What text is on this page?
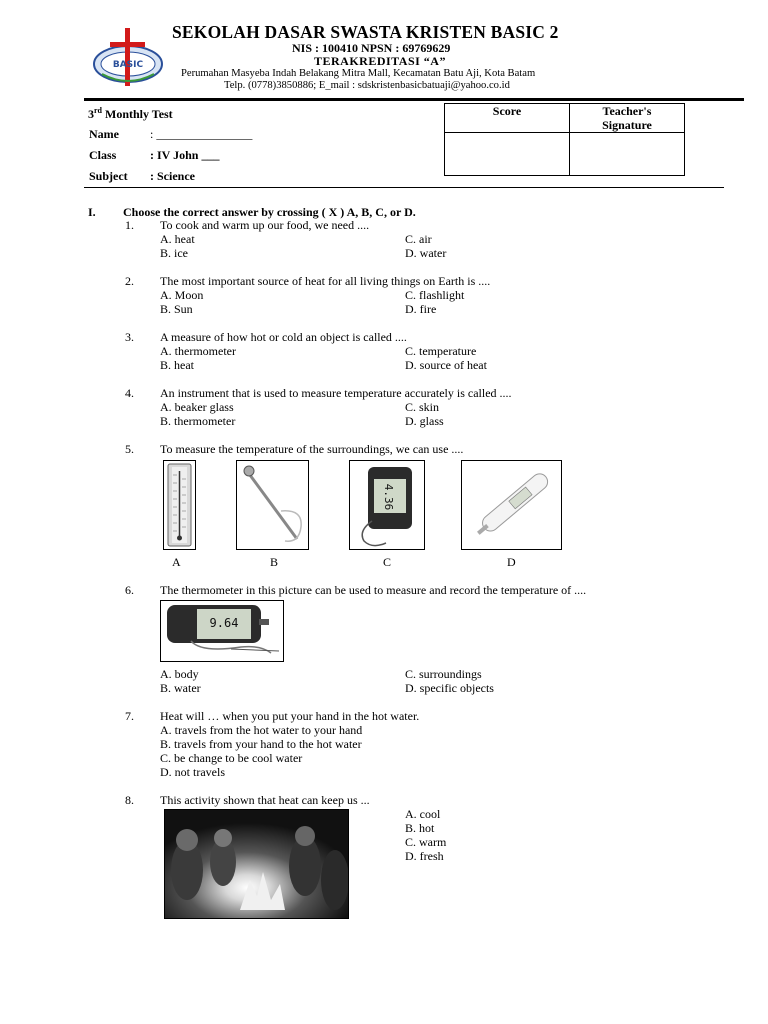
BASIC
SEKOLAH DASAR SWASTA KRISTEN BASIC 2
NIS : 100410 NPSN : 69769629
TERAKREDITASI “A”
Perumahan Masyeba Indah Belakang Mitra Mall, Kecamatan Batu Aji, Kota Batam
Telp. (0778)3850886; E_mail : sdskristenbasicbatuaji@yahoo.co.id
3rd Monthly Test
Name	: ________________
Class	: IV John ___
Subject : Science
Score	Teacher's
Signature

I. Choose the correct answer by crossing ( X ) A, B, C, or D.
1. To cook and warm up our food, we need ....
A. heat	C. air
B. ice	D. water
2. The most important source of heat for all living things on Earth is ....
A. Moon	C. flashlight
B. Sun	D. fire
3. A measure of how hot or cold an object is called ....
A. thermometer	C. temperature
B. heat	D. source of heat
4. An instrument that is used to measure temperature accurately is called ....
A. beaker glass	C. skin
B. thermometer	D. glass
5. To measure the temperature of the surroundings, we can use ....
4.36
A	B	C	D
6. The thermometer in this picture can be used to measure and record the temperature of ....
9.64
A. body	C. surroundings
B. water	D. specific objects
7. Heat will … when you put your hand in the hot water.
A. travels from the hot water to your hand
B. travels from your hand to the hot water
C. be change to be cool water
D. not travels
8. This activity shown that heat can keep us ...
A. cool
B. hot
C. warm
D. fresh
